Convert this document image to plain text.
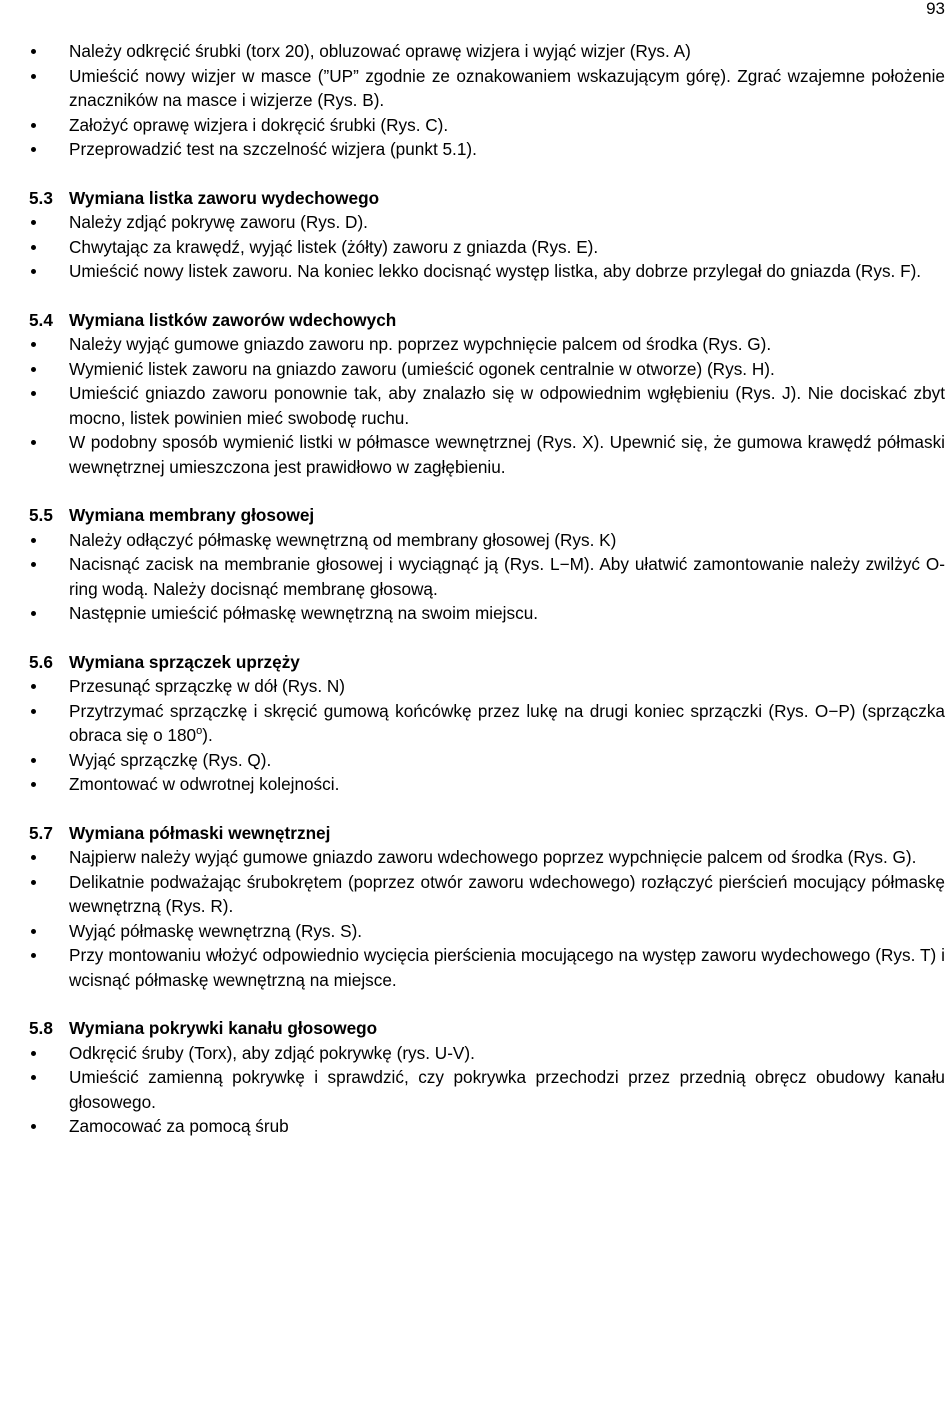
93
Należy odkręcić śrubki (torx 20), obluzować oprawę wizjera i wyjąć wizjer (Rys. A)
Umieścić nowy wizjer w masce (”UP” zgodnie ze oznakowaniem wskazującym górę). Zgrać wzajemne położenie znaczników na masce i wizjerze (Rys. B).
Założyć oprawę wizjera i dokręcić śrubki (Rys. C).
Przeprowadzić test na szczelność wizjera (punkt 5.1).
5.3 Wymiana listka zaworu wydechowego
Należy zdjąć pokrywę zaworu (Rys. D).
Chwytając za krawędź, wyjąć listek (żółty) zaworu z gniazda (Rys. E).
Umieścić nowy listek zaworu. Na koniec lekko docisnąć występ listka, aby dobrze przylegał do gniazda (Rys. F).
5.4 Wymiana listków zaworów wdechowych
Należy wyjąć gumowe gniazdo zaworu np. poprzez wypchnięcie palcem od środka (Rys. G).
Wymienić listek zaworu na gniazdo zaworu (umieścić ogonek centralnie w otworze) (Rys. H).
Umieścić gniazdo zaworu ponownie tak, aby znalazło się w odpowiednim wgłębieniu (Rys. J). Nie dociskać zbyt mocno, listek powinien mieć swobodę ruchu.
W podobny sposób wymienić listki w półmasce wewnętrznej (Rys. X). Upewnić się, że gumowa krawędź półmaski wewnętrznej umieszczona jest prawidłowo w zagłębieniu.
5.5 Wymiana membrany głosowej
Należy odłączyć półmaskę wewnętrzną od membrany głosowej (Rys. K)
Nacisnąć zacisk na membranie głosowej i wyciągnąć ją (Rys. L−M). Aby ułatwić zamontowanie należy zwilżyć O-ring wodą. Należy docisnąć membranę głosową.
Następnie umieścić półmaskę wewnętrzną na swoim miejscu.
5.6 Wymiana sprzączek uprzęży
Przesunąć sprzączkę w dół (Rys. N)
Przytrzymać sprzączkę i skręcić gumową końcówkę przez lukę na drugi koniec sprzączki (Rys. O−P) (sprzączka obraca się o 180$^o$).
Wyjąć sprzączkę (Rys. Q).
Zmontować w odwrotnej kolejności.
5.7 Wymiana półmaski wewnętrznej
Najpierw należy wyjąć gumowe gniazdo zaworu wdechowego poprzez wypchnięcie palcem od środka (Rys. G).
Delikatnie podważając śrubokrętem (poprzez otwór zaworu wdechowego) rozłączyć pierścień mocujący półmaskę wewnętrzną (Rys. R).
Wyjąć półmaskę wewnętrzną (Rys. S).
Przy montowaniu włożyć odpowiednio wycięcia pierścienia mocującego na występ zaworu wydechowego (Rys. T) i wcisnąć półmaskę wewnętrzną na miejsce.
5.8 Wymiana pokrywki kanału głosowego
Odkręcić śruby (Torx), aby zdjąć pokrywkę (rys. U-V).
Umieścić zamienną pokrywkę i sprawdzić, czy pokrywka przechodzi przez przednią obręcz obudowy kanału głosowego.
Zamocować za pomocą śrub
